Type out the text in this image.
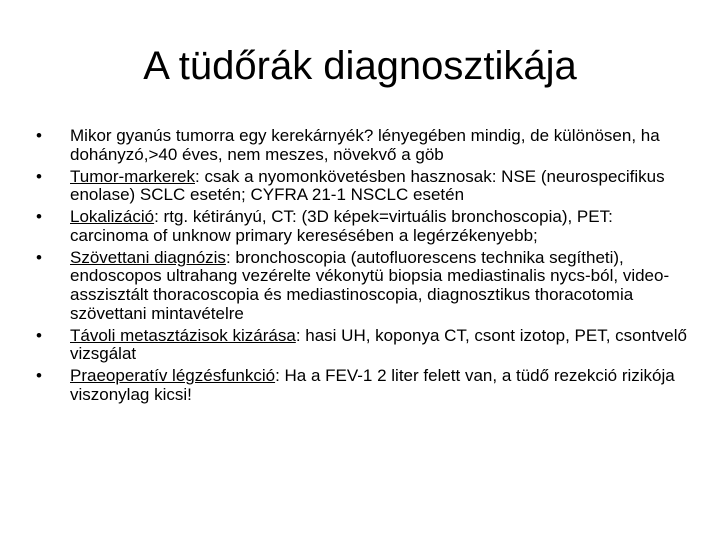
A tüdőrák diagnosztikája
•	Mikor gyanús tumorra egy kerekárnyék? lényegében mindig, de különösen, ha dohányzó,>40 éves, nem meszes, növekvő a göb
•	Tumor-markerek: csak a nyomonkövetésben hasznosak: NSE (neurospecifikus enolase) SCLC esetén; CYFRA 21-1 NSCLC esetén
•	Lokalizáció: rtg. kétirányú, CT: (3D képek=virtuális bronchoscopia), PET: carcinoma of unknow primary keresésében a legérzékenyebb;
•	Szövettani diagnózis: bronchoscopia (autofluorescens technika segítheti), endoscopos ultrahang vezérelte vékonytü biopsia mediastinalis nycs-ból, video-asszisztált thoracoscopia és mediastinoscopia, diagnosztikus thoracotomia szövettani mintavételre
•	Távoli metasztázisok kizárása: hasi UH, koponya CT, csont izotop, PET, csontvelő vizsgálat
•	Praeoperatív légzésfunkció: Ha a FEV-1 2 liter felett van, a tüdő rezekció rizikója viszonylag kicsi!
